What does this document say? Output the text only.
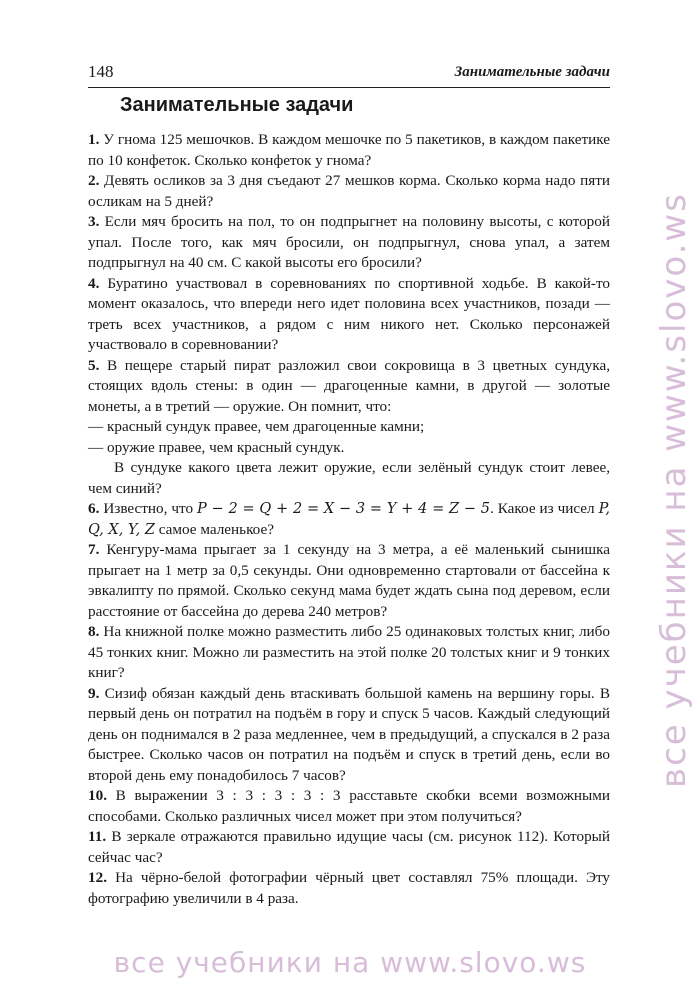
148	Занимательные задачи
Занимательные задачи

1. У гнома 125 мешочков. В каждом мешочке по 5 пакетиков, в каждом пакетике по 10 конфеток. Сколько конфеток у гнома?

2. Девять осликов за 3 дня съедают 27 мешков корма. Сколько корма надо пяти осликам на 5 дней?

3. Если мяч бросить на пол, то он подпрыгнет на половину высоты, с которой упал. После того, как мяч бросили, он подпрыгнул, снова упал, а затем подпрыгнул на 40 см. С какой высоты его бросили?

4. Буратино участвовал в соревнованиях по спортивной ходьбе. В какой-то момент оказалось, что впереди него идет половина всех участников, позади — треть всех участников, а рядом с ним никого нет. Сколько персонажей участвовало в соревновании?

5. В пещере старый пират разложил свои сокровища в 3 цветных сундука, стоящих вдоль стены: в один — драгоценные камни, в другой — золотые монеты, а в третий — оружие. Он помнит, что:

— красный сундук правее, чем драгоценные камни;

— оружие правее, чем красный сундук.

В сундуке какого цвета лежит оружие, если зелёный сундук стоит левее, чем синий?

6. Известно, что P − 2 = Q + 2 = X − 3 = Y + 4 = Z − 5. Какое из чисел P, Q, X, Y, Z самое маленькое?

7. Кенгуру-мама прыгает за 1 секунду на 3 метра, а её маленький сынишка прыгает на 1 метр за 0,5 секунды. Они одновременно стартовали от бассейна к эвкалипту по прямой. Сколько секунд мама будет ждать сына под деревом, если расстояние от бассейна до дерева 240 метров?

8. На книжной полке можно разместить либо 25 одинаковых толстых книг, либо 45 тонких книг. Можно ли разместить на этой полке 20 толстых книг и 9 тонких книг?

9. Сизиф обязан каждый день втаскивать большой камень на вершину горы. В первый день он потратил на подъём в гору и спуск 5 часов. Каждый следующий день он поднимался в 2 раза медленнее, чем в предыдущий, а спускался в 2 раза быстрее. Сколько часов он потратил на подъём и спуск в третий день, если во второй день ему понадобилось 7 часов?

10. В выражении 3 : 3 : 3 : 3 : 3 расставьте скобки всеми возможными способами. Сколько различных чисел может при этом получиться?

11. В зеркале отражаются правильно идущие часы (см. рисунок 112). Который сейчас час?

12. На чёрно-белой фотографии чёрный цвет составлял 75% площади. Эту фотографию увеличили в 4 раза.

все учебники на www.slovo.ws
все учебники на www.slovo.ws
